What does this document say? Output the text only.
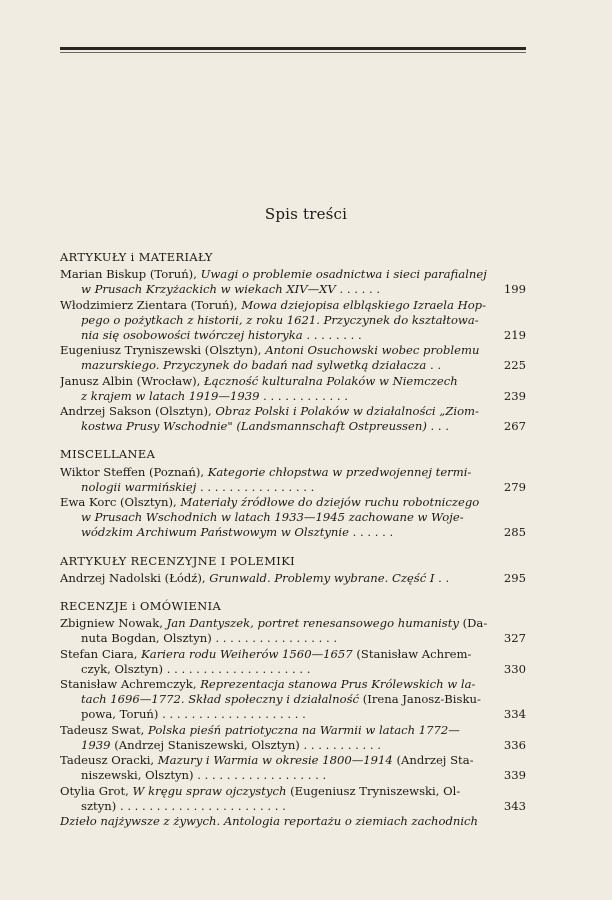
Spis treści
ARTYKUŁY i MATERIAŁY
Marian Biskup (Toruń), Uwagi o problemie osadnictwa i sieci parafialnej
w Prusach Krzyżackich w wiekach XIV—XV . . . . . .	199
Włodzimierz Zientara (Toruń), Mowa dziejopisa elbląskiego Izraela Hop-
pego o pożytkach z historii, z roku 1621. Przyczynek do kształtowa-
nia się osobowości twórczej historyka . . . . . . . .	219
Eugeniusz Tryniszewski (Olsztyn), Antoni Osuchowski wobec problemu
mazurskiego. Przyczynek do badań nad sylwetką działacza . .	225
Janusz Albin (Wrocław), Łączność kulturalna Polaków w Niemczech
z krajem w latach 1919—1939 . . . . . . . . . . . .	239
Andrzej Sakson (Olsztyn), Obraz Polski i Polaków w działalności „Ziom-
kostwa Prusy Wschodnie" (Landsmannschaft Ostpreussen) . . .	267
MISCELLANEA
Wiktor Steffen (Poznań), Kategorie chłopstwa w przedwojennej termi-
nologii warmińskiej . . . . . . . . . . . . . . . .	279
Ewa Korc (Olsztyn), Materiały źródłowe do dziejów ruchu robotniczego
w Prusach Wschodnich w latach 1933—1945 zachowane w Woje-
wódzkim Archiwum Państwowym w Olsztynie . . . . . .	285
ARTYKUŁY RECENZYJNE I POLEMIKI
Andrzej Nadolski (Łódź), Grunwald. Problemy wybrane. Część I . .	295
RECENZJE i OMÓWIENIA
Zbigniew Nowak, Jan Dantyszek, portret renesansowego humanisty (Da-
nuta Bogdan, Olsztyn) . . . . . . . . . . . . . . . . .	327
Stefan Ciara, Kariera rodu Weiherów 1560—1657 (Stanisław Achrem-
czyk, Olsztyn) . . . . . . . . . . . . . . . . . . . .	330
Stanisław Achremczyk, Reprezentacja stanowa Prus Królewskich w la-
tach 1696—1772. Skład społeczny i działalność (Irena Janosz-Bisku-
powa, Toruń) . . . . . . . . . . . . . . . . . . . .	334
Tadeusz Swat, Polska pieśń patriotyczna na Warmii w latach 1772—
1939 (Andrzej Staniszewski, Olsztyn) . . . . . . . . . . .	336
Tadeusz Oracki, Mazury i Warmia w okresie 1800—1914 (Andrzej Sta-
niszewski, Olsztyn) . . . . . . . . . . . . . . . . . .	339
Otylia Grot, W kręgu spraw ojczystych (Eugeniusz Tryniszewski, Ol-
sztyn) . . . . . . . . . . . . . . . . . . . . . . .	343
Dzieło najżywsze z żywych. Antologia reportażu o ziemiach zachodnich
